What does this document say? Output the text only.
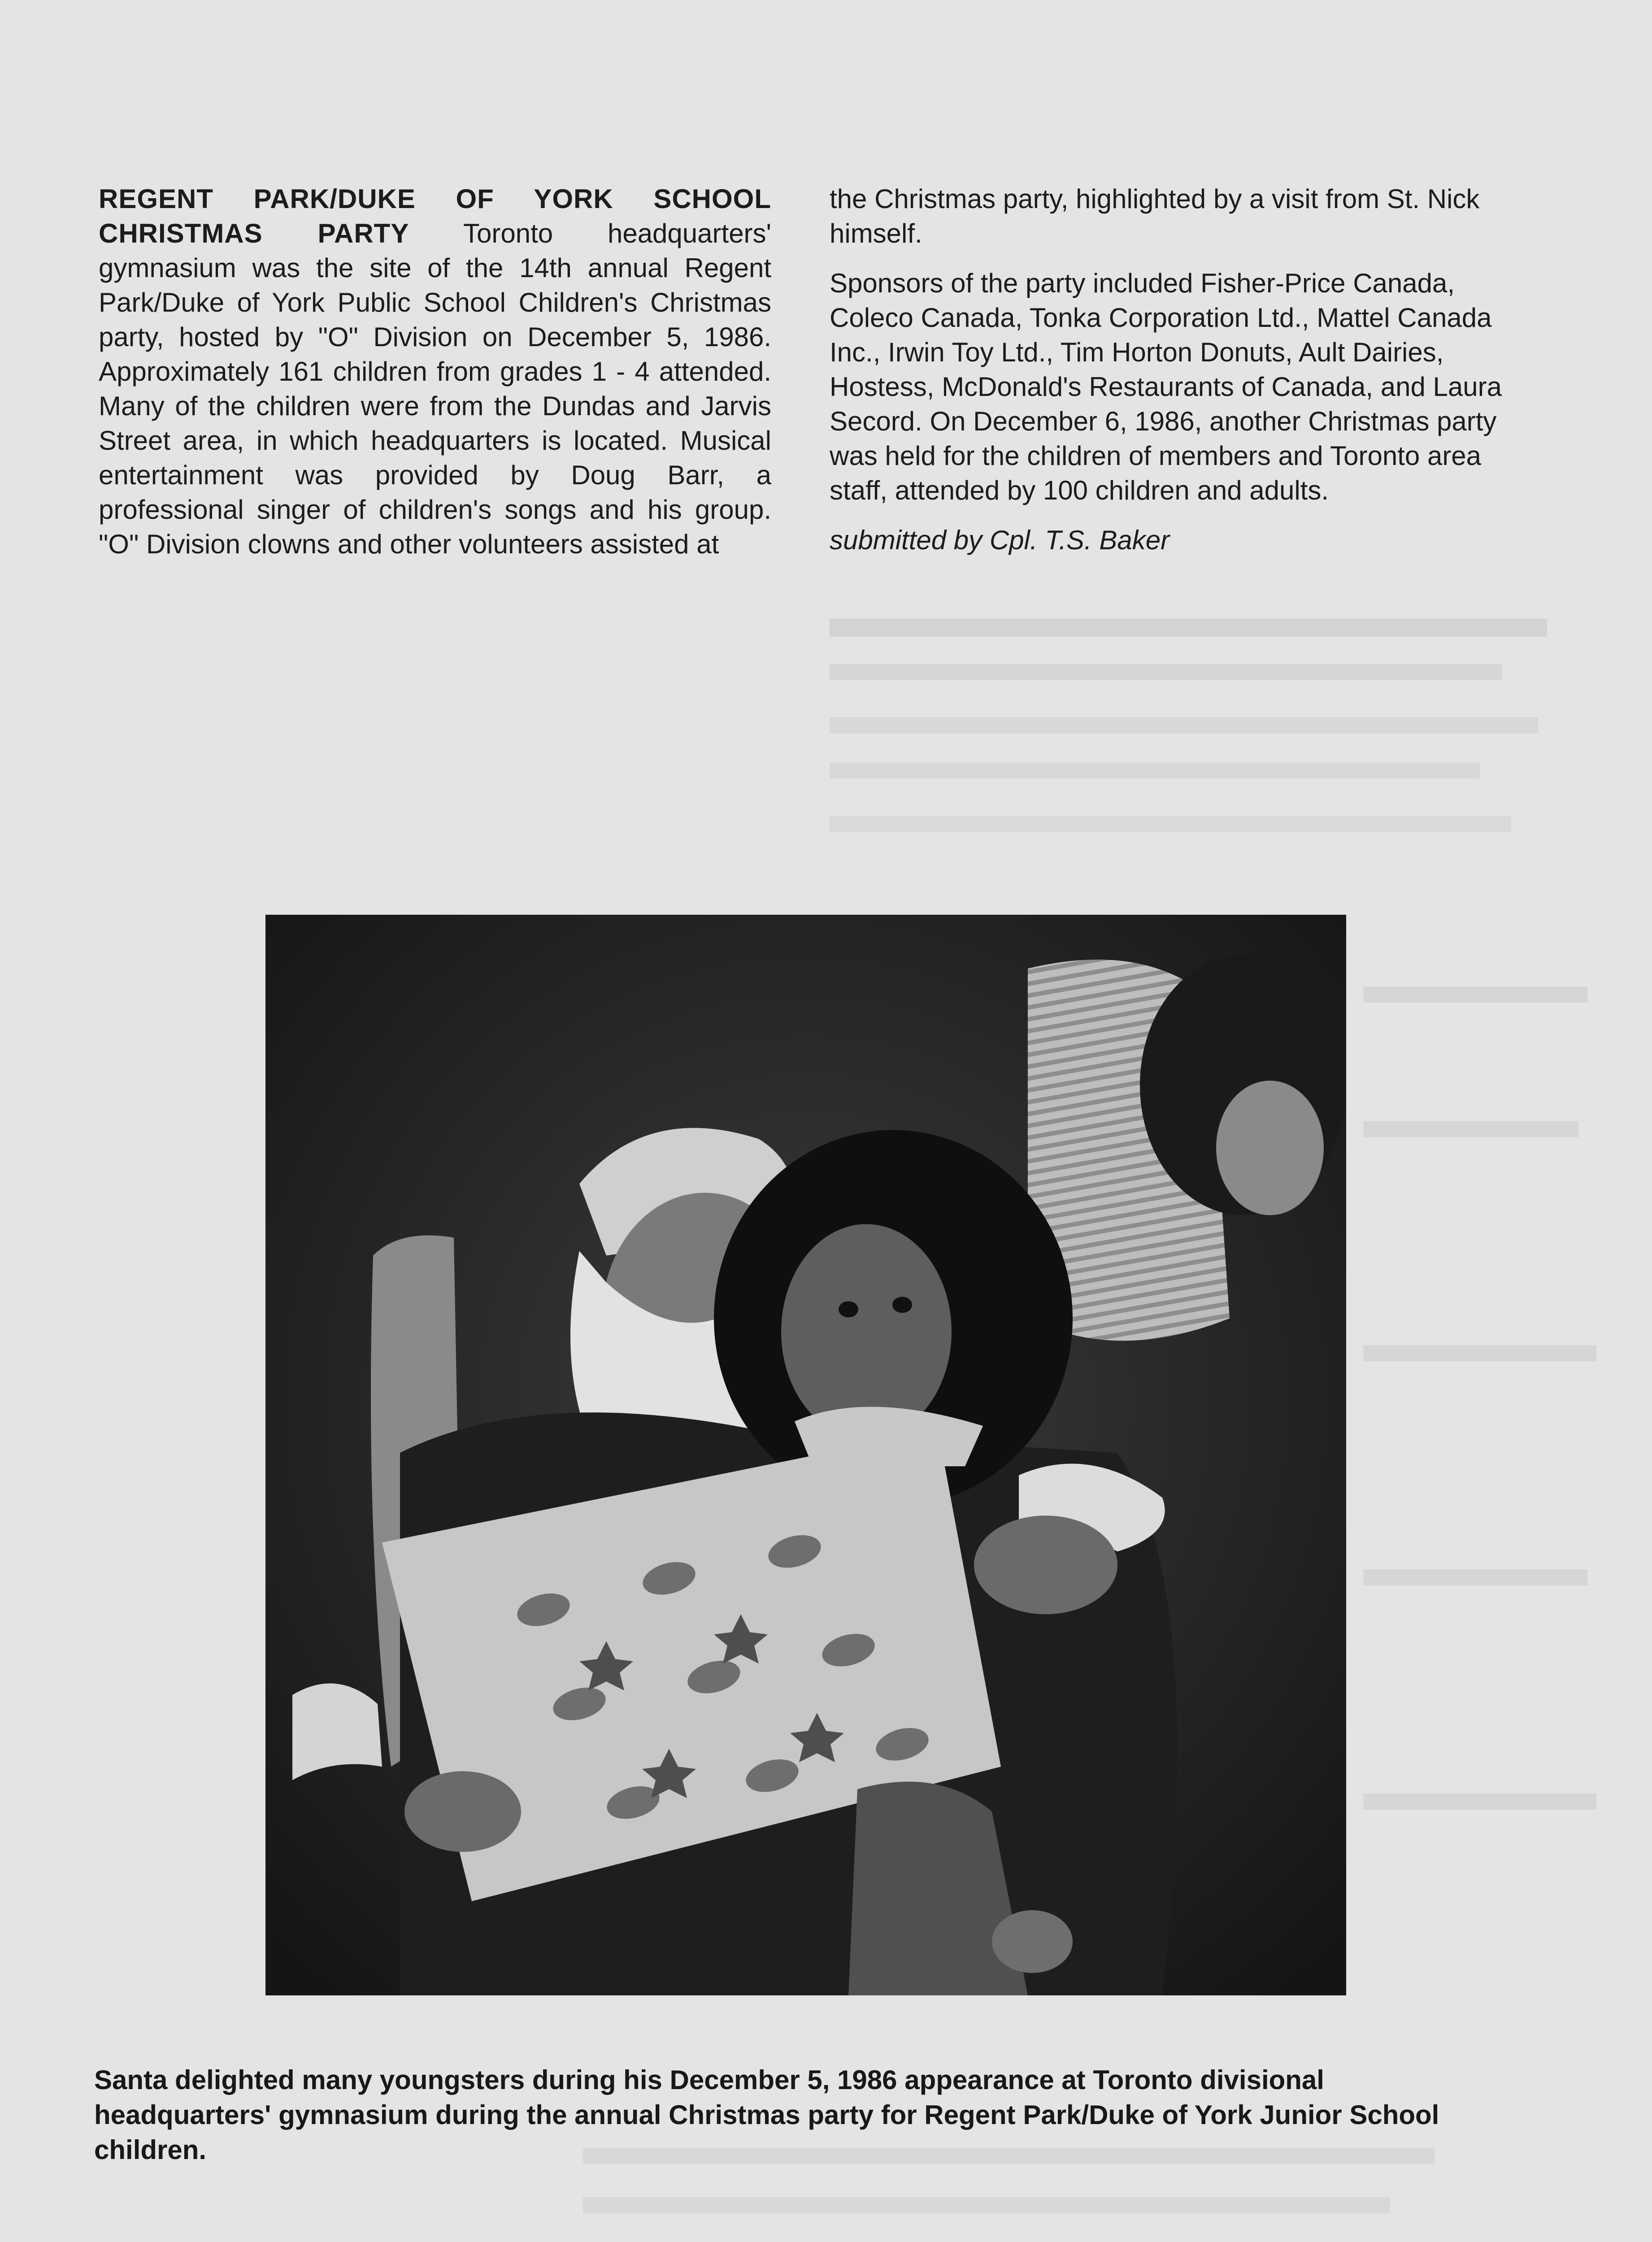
REGENT PARK/DUKE OF YORK SCHOOL CHRISTMAS PARTY Toronto headquarters' gymnasium was the site of the 14th annual Regent Park/Duke of York Public School Children's Christmas party, hosted by "O" Division on December 5, 1986. Approximately 161 children from grades 1 - 4 attended. Many of the children were from the Dundas and Jarvis Street area, in which headquarters is located. Musical entertainment was provided by Doug Barr, a professional singer of children's songs and his group. "O" Division clowns and other volunteers assisted at

the Christmas party, highlighted by a visit from St. Nick himself.

Sponsors of the party included Fisher-Price Canada, Coleco Canada, Tonka Corporation Ltd., Mattel Canada Inc., Irwin Toy Ltd., Tim Horton Donuts, Ault Dairies, Hostess, McDonald's Restaurants of Canada, and Laura Secord. On December 6, 1986, another Christmas party was held for the children of members and Toronto area staff, attended by 100 children and adults.

submitted by Cpl. T.S. Baker

Santa delighted many youngsters during his December 5, 1986 appearance at Toronto divisional headquarters' gymnasium during the annual Christmas party for Regent Park/Duke of York Junior School children.
